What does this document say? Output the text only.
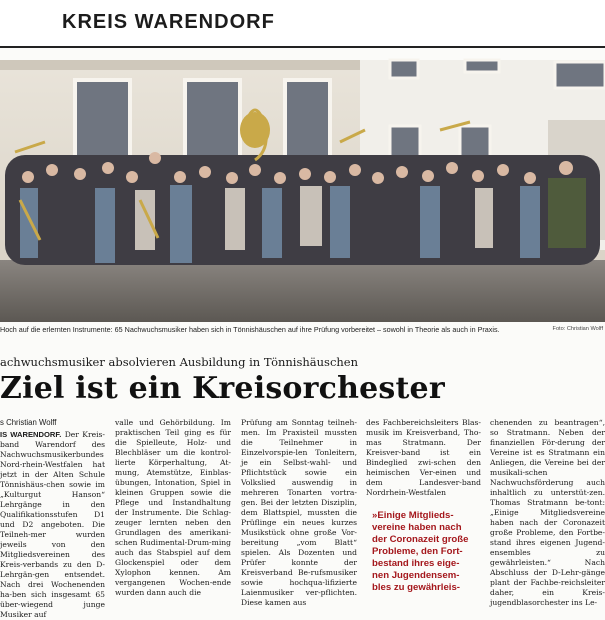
KREIS WARENDORF
Hoch auf die erlernten Instrumente: 65 Nachwuchsmusiker haben sich in Tönnishäuschen auf ihre Prüfung vorbereitet – sowohl in Theorie als auch in Praxis.	Foto: Christian Wolff
achwuchsmusiker absolvieren Ausbildung in Tönnishäuschen
Ziel ist ein Kreisorchester
s Christian Wolff

IS WARENDORF. Der Kreis-band Warendorf des Nachwuchsmusikerbundes Nord-rhein-Westfalen hat jetzt in der Alten Schule Tönnishäus-chen sowie im „Kulturgut Hanson“ Lehrgänge in den Qualifikationsstufen D1 und D2 angeboten. Die Teilneh-mer wurden jeweils von den Mitgliedsvereinen des Kreis-verbands zu den D-Lehrgän-gen entsendet. Nach drei Wochenenden ha-ben sich insgesamt 65 über-wiegend junge Musiker auf

valle und Gehörbildung. Im praktischen Teil ging es für die Spielleute, Holz- und Blechbläser um die kontrol-lierte Körperhaltung, At-mung, Atemstütze, Einblas-übungen, Intonation, Spiel in kleinen Gruppen sowie die Pflege und Instandhaltung der Instrumente. Die Schlag-zeuger lernten neben den Grundlagen des amerikani-schen Rudimental-Drum-ming auch das Stabspiel auf dem Glockenspiel oder dem Xylophon kennen. Am vergangenen Wochen-ende wurden dann auch die

Prüfung am Sonntag teilneh-men. Im Praxisteil mussten die Teilnehmer in Einzelvorspie-len Tonleitern, je ein Selbst-wahl- und Pflichtstück sowie ein Volkslied auswendig in mehreren Tonarten vortra-gen. Bei der letzten Disziplin, dem Blattspiel, mussten die Prüflinge ein neues kurzes Musikstück ohne große Vor-bereitung „vom Blatt“ spielen. Als Dozenten und Prüfer konnte der Kreisverband Be-rufsmusiker sowie hochqua-lifizierte Laienmusiker ver-pflichten. Diese kamen aus

des Fachbereichsleiters Blas-musik im Kreisverband, Tho-mas Stratmann. Der Kreisver-band ist ein Bindeglied zwi-schen den heimischen Ver-einen und dem Landesver-band Nordrhein-Westfalen

chenenden zu beantragen“, so Stratmann. Neben der finanziellen För-derung der Vereine ist es Stratmann ein Anliegen, die Vereine bei der musikali-schen Nachwuchsförderung auch inhaltlich zu unterstüt-zen. Thomas Stratmann be-tont: „Einige Mitgliedsvereine haben nach der Coronazeit große Probleme, den Fortbe-stand ihres eigenen Jugend-ensembles zu gewährleisten.“ Nach Abschluss der D-Lehr-gänge plant der Fachbe-reichsleiter daher, ein Kreis-jugendblasorchester ins Le-

»Einige Mitglieds-vereine haben nach der Coronazeit große Probleme, den Fort-bestand ihres eige-nen Jugendensem-bles zu gewährleis-
